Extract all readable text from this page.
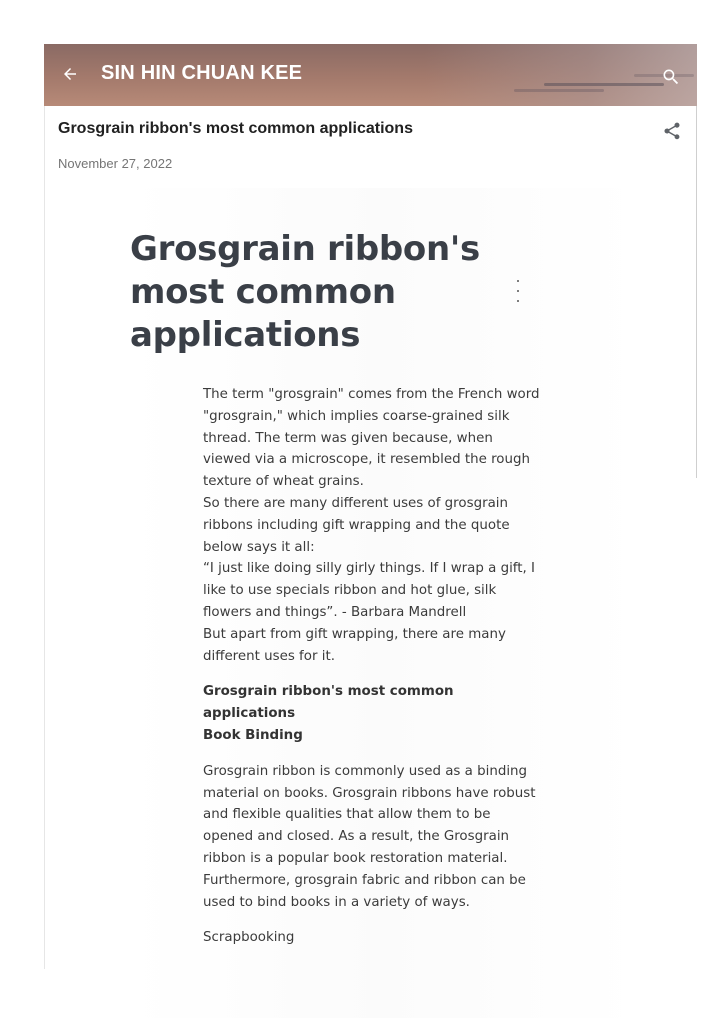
SIN HIN CHUAN KEE
Grosgrain ribbon's most common applications
November 27, 2022
Grosgrain ribbon's most common applications

The term "grosgrain" comes from the French word "grosgrain," which implies coarse-grained silk thread. The term was given because, when viewed via a microscope, it resembled the rough texture of wheat grains.

So there are many different uses of grosgrain ribbons including gift wrapping and the quote below says it all:

“I just like doing silly girly things. If I wrap a gift, I like to use specials ribbon and hot glue, silk flowers and things”. - Barbara Mandrell

But apart from gift wrapping, there are many different uses for it.

Grosgrain ribbon's most common applications

Book Binding

Grosgrain ribbon is commonly used as a binding material on books. Grosgrain ribbons have robust and flexible qualities that allow them to be opened and closed. As a result, the Grosgrain ribbon is a popular book restoration material. Furthermore, grosgrain fabric and ribbon can be used to bind books in a variety of ways.

Scrapbooking
